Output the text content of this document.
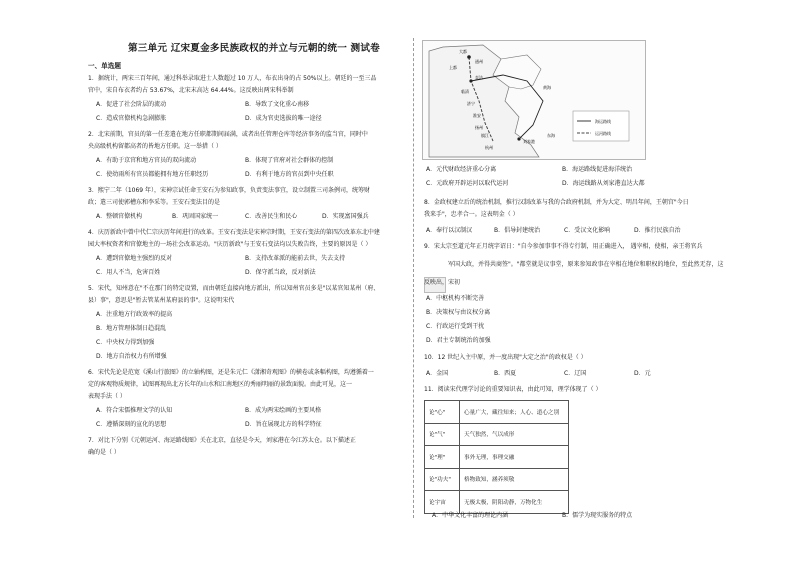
第三单元 辽宋夏金多民族政权的并立与元朝的统一 测试卷
一、单选题
1．据统计，两宋三百年间，通过科举录取进士人数超过 10 万人，布衣出身的占 50%以上。朝廷的一至三品
官中，宋自布衣者约占 53.67%，北宋末高达 64.44%。这反映出两宋科举制
A．促进了社会阶层的流动	B．导致了文化重心南移
C．造成官僚机构急剧膨胀	D．成为官吏选拔的唯一途径
2．北宋前期，官员的第一任差遣在地方任职都期间届满，或者出任管理仓库等经济事务的监当官，同时中
央高级机构留都高者的皆地方任职。这一举措（ ）
A．有助于京官和地方官员的双向流动	B．体现了官府对社会群体的控制
C．使幼雨所有官员都能拥有地方任职经历	D．有利于地方的官员到中央任职
3．熙宁二年（1069 年），宋神宗试任命王安石为参知政事，负责变法事宜，设立制置三司条例司，统筹财
政；遣三司使郭槽东和李采等。王安石变法目的是
A．整顿官僚机构	B．巩固国家统一	C．改善民生和民心	D．实现富国强兵
4．庆历新政中曾中代仁宗庆历年间进行的改革。王安石变法是宋神宗时期，王安石变法的第四次改革东北中建
园大率权资者和官僚地主的一场社会改革运动。"庆历新政"与王安石变法均以失败告终，主要的原因是（ ）
A．遭到官僚地主强烈的反对	B．支持改革派的能前去世，失去支持
C．用人不当，危害百姓	D．保守派当政，反对新法
5．宋代，知州意在"不在那门的特定设置，而由朝廷直接向地方派出，所以知州官员多是"以某官知某州（府、
县）事"，意思是"暂去管某州某府县的事"。这说明宋代
A．注重地方行政效率的提高
B．地方管理体制日趋混乱
C．中央权力得到加强
D．地方自治权力有所增强
6．宋代先论是范宽《溪山行旅图》的立轴构图，还是朱元仁《潇湘奇观图》的横卷或条幅构图，均遵循着一
定的客观物质规律，试图再现出北方长年的山水和江南地区的秀丽明丽的景致面貌。由此可见，这一
表现手法（ ）
A．符合宋儒推理文学的认知	B．成为两宋绘画的主要风格
C．遵循深刻的宣化的思想	D．旨在展现北方的科学特征
7．对比下分别《元朝运河、海运路线图》关在北京，直径是今天，刘家港在今江苏太仓。以下描述正
确的是（ ）
大都
上都
通州
直沽
临清
济宁
淮安
扬州
镇江
杭州
刘家港
黄海
东海
海运路线
运河路线
A．元代财政经济重心分离	B．海运路线促进海洋统治
C．元政府开辟运河以取代运河	D．海运线路从刘家港直达大都
8．金政权建立后的统治机制，推行汉制改革与我的合政府机制，并为大定、明昌年间，王朝宫"今日
我来手"，忠孝合一。这表明金（ ）
A．奉行以汉制汉	B．倡导封建统治	C．受汉文化影响	D．推行民族自治
9．宋太宗至道元年正月统字诏日："自今参加事事不得专行制，用正确进入， 遇宰相，使相，亲王将官兵
军国大政，并得共商签"。"都堂就是议事堂，原来参知政事在宰相在地位和职权的地位，至此然无存，这
反映出，宋初
A．中枢机构不断完善
B．决策权与由议权分离
C．行政运行受到干扰
D．君主专制统治的加强
10．12 世纪入主中原，并一度出现"大定之治"的政权是（ ）
A．金国	B．西夏	C．辽国	D．元
11．阅读宋代理学讨论的重要知识表，由此可知，理学体现了（ ）
论"心"	心量广大，藏往知来；人心、道心之别
论"气"	天气独然，气以成形
论"理"	事外无理，事理交融
论"功夫"	格物致知，涵养须敬
论宇宙	无极太极，阴阳动静，万物化生
A．中华文化丰富的理论内涵	B．儒学为现实服务的特点
